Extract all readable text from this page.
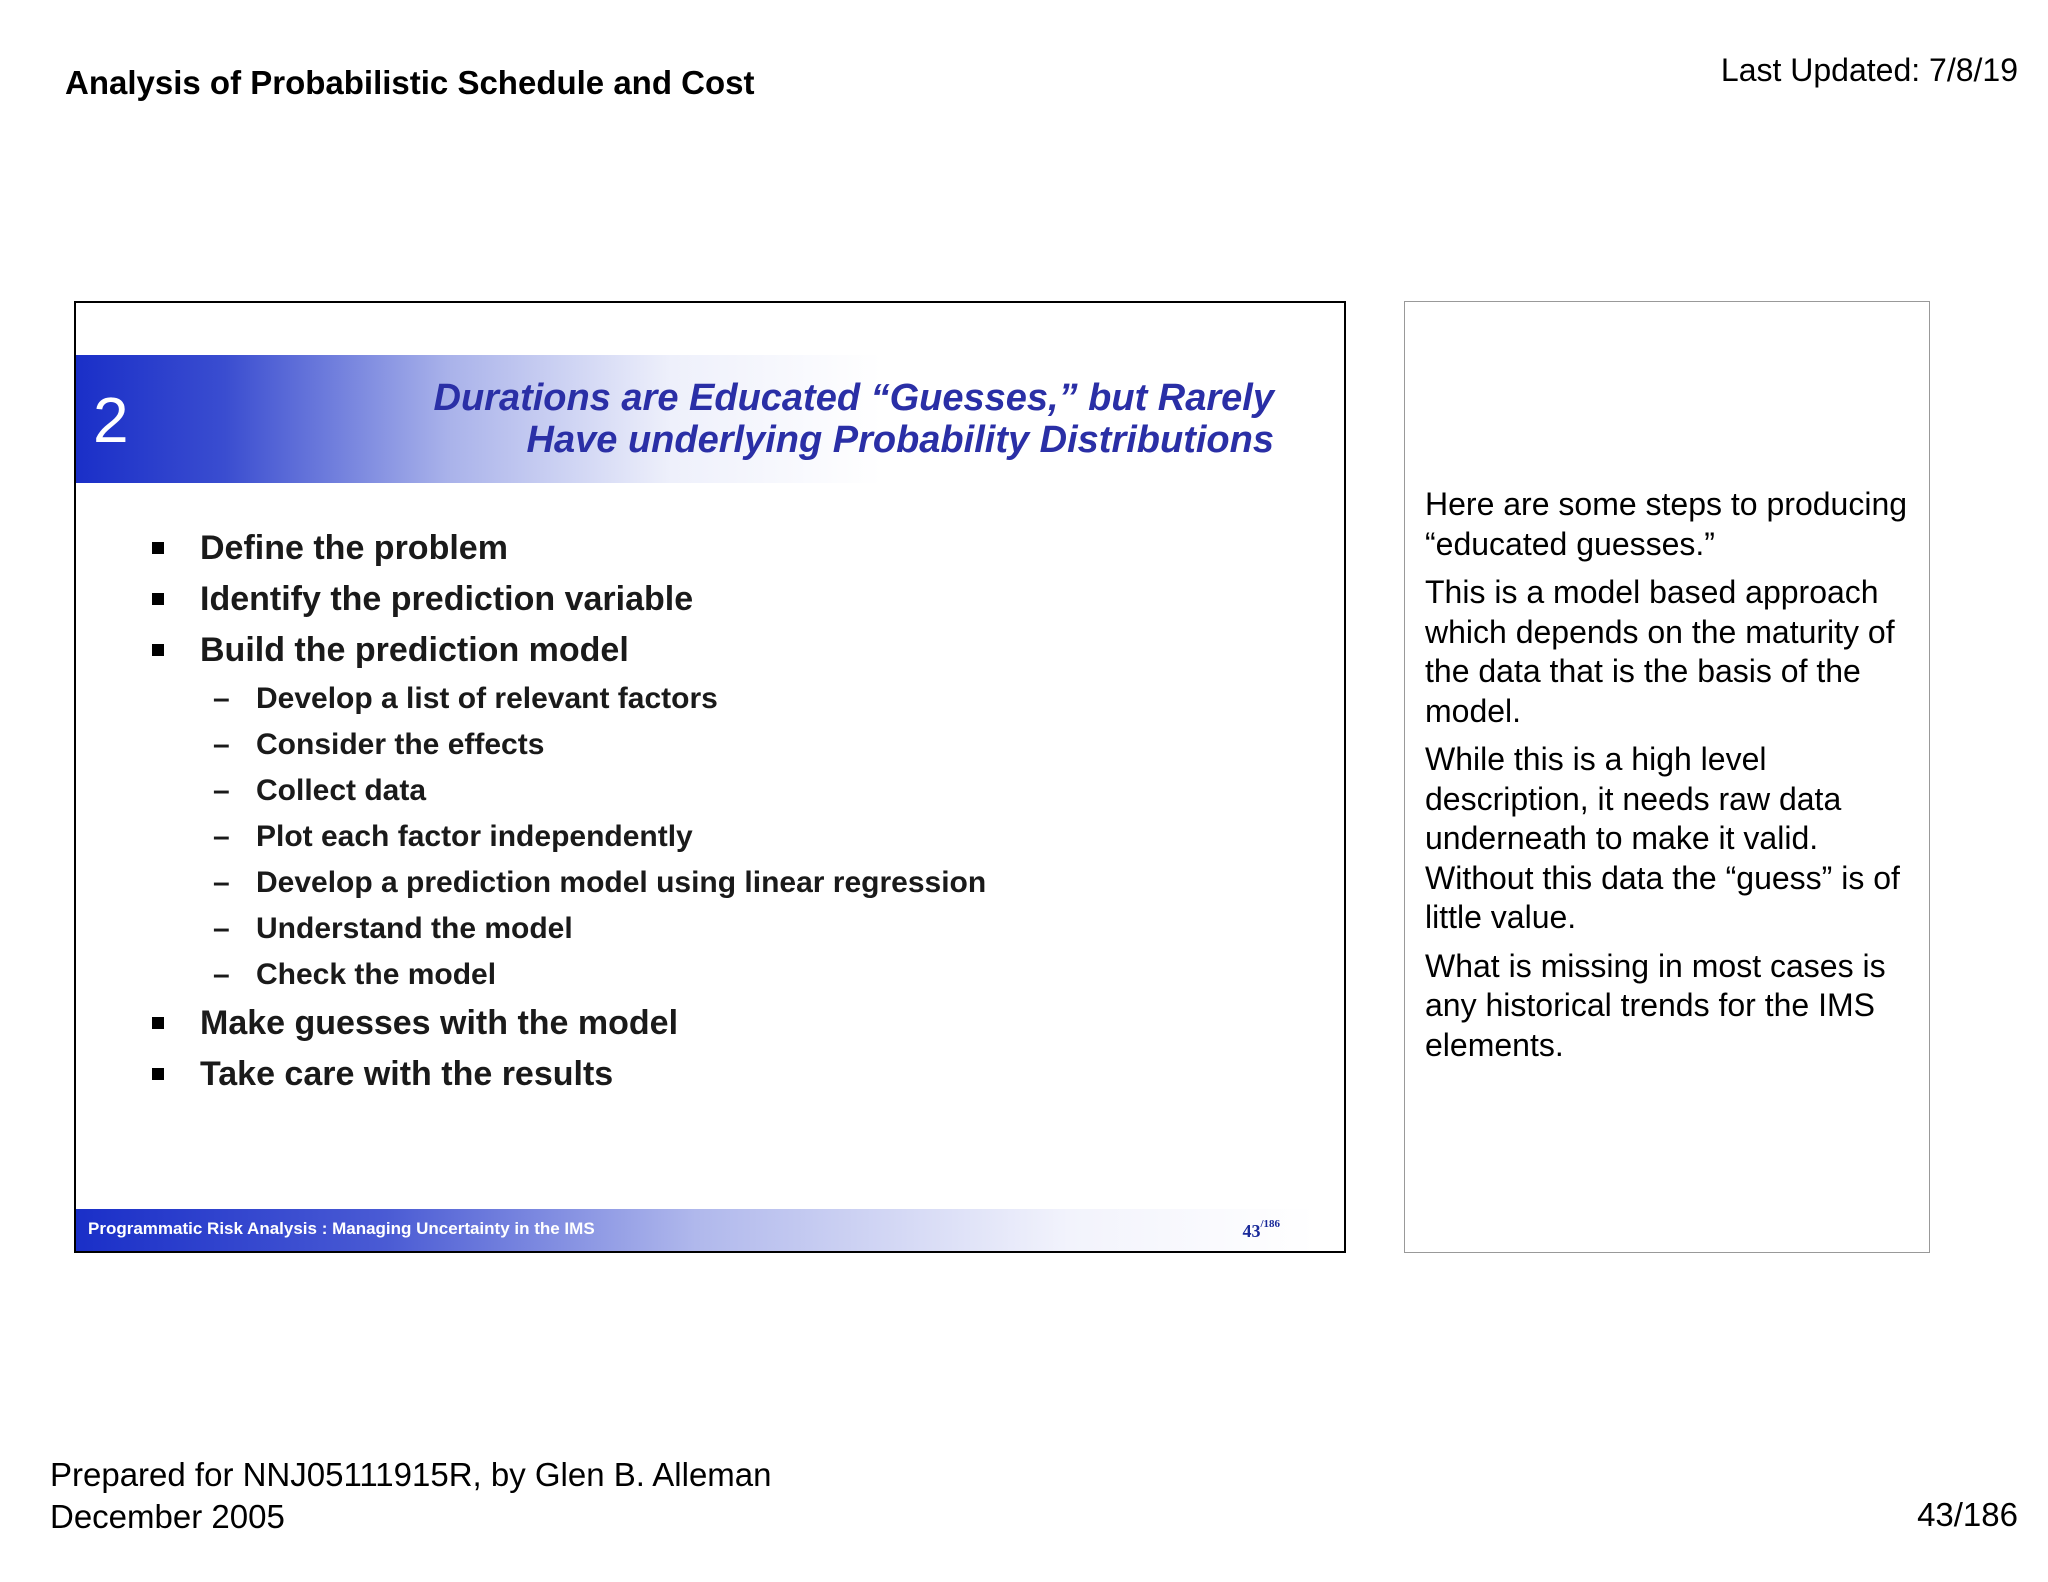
Analysis of Probabilistic Schedule and Cost	Last Updated: 7/8/19
2	Durations are Educated “Guesses,” but Rarely
Have underlying Probability Distributions
Define the problem
Identify the prediction variable
Build the prediction model
– Develop a list of relevant factors
– Consider the effects
– Collect data
– Plot each factor independently
– Develop a prediction model using linear regression
– Understand the model
– Check the model
Make guesses with the model
Take care with the results
Programmatic Risk Analysis : Managing Uncertainty in the IMS	$43^{/186}$

Here are some steps to producing “educated guesses.”

This is a model based approach which depends on the maturity of the data that is the basis of the model.

While this is a high level description, it needs raw data underneath to make it valid. Without this data the “guess” is of little value.

What is missing in most cases is any historical trends for the IMS elements.

Prepared for NNJ05111915R, by Glen B. Alleman
December 2005	43/186
